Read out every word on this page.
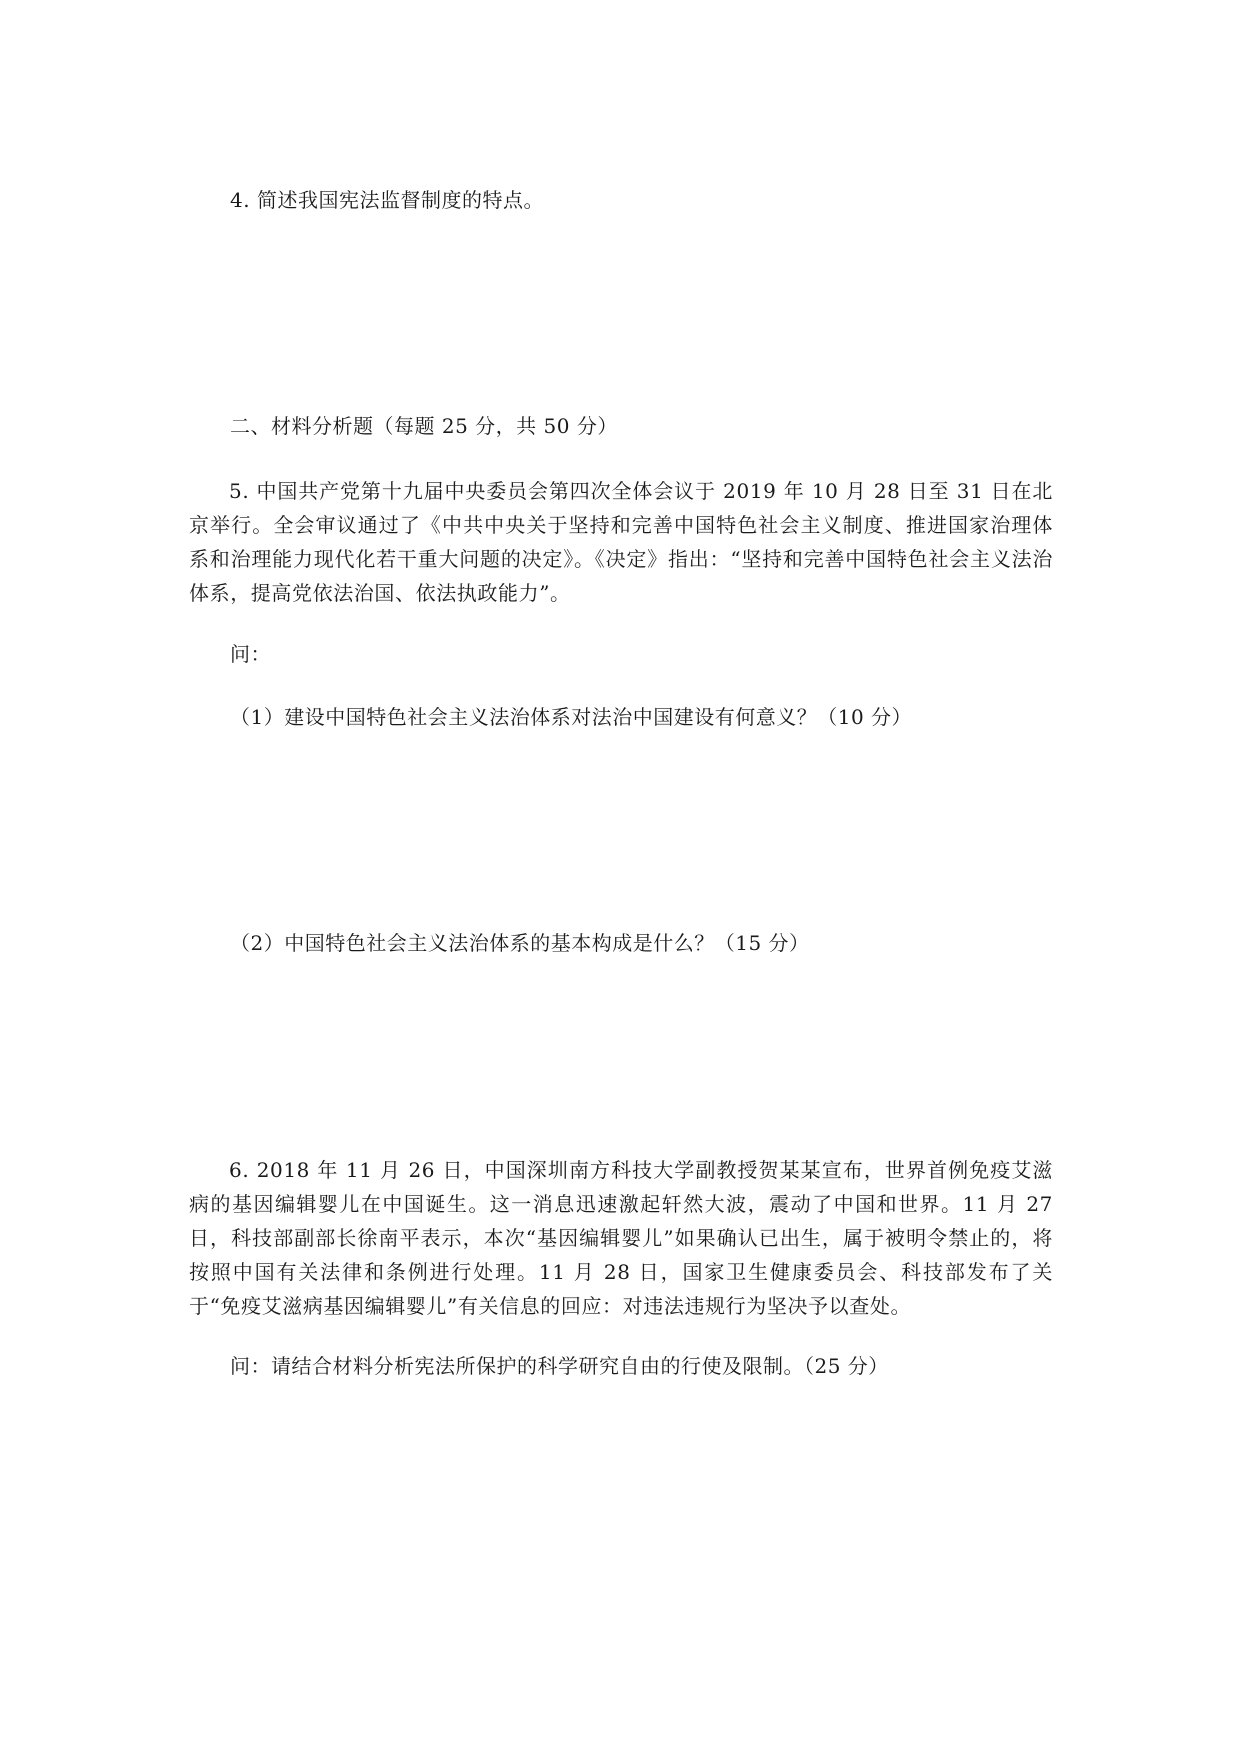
4. 简述我国宪法监督制度的特点。
二、材料分析题（每题 25 分，共 50 分）

5. 中国共产党第十九届中央委员会第四次全体会议于 2019 年 10 月 28 日至 31 日在北京举行。全会审议通过了《中共中央关于坚持和完善中国特色社会主义制度、推进国家治理体系和治理能力现代化若干重大问题的决定》。《决定》指出：“坚持和完善中国特色社会主义法治体系，提高党依法治国、依法执政能力”。

问：
（1）建设中国特色社会主义法治体系对法治中国建设有何意义？（10 分）
（2）中国特色社会主义法治体系的基本构成是什么？（15 分）

6. 2018 年 11 月 26 日，中国深圳南方科技大学副教授贺某某宣布，世界首例免疫艾滋病的基因编辑婴儿在中国诞生。这一消息迅速激起轩然大波，震动了中国和世界。11 月 27 日，科技部副部长徐南平表示，本次“基因编辑婴儿”如果确认已出生，属于被明令禁止的，将按照中国有关法律和条例进行处理。11 月 28 日，国家卫生健康委员会、科技部发布了关于“免疫艾滋病基因编辑婴儿”有关信息的回应：对违法违规行为坚决予以查处。

问：请结合材料分析宪法所保护的科学研究自由的行使及限制。（25 分）
